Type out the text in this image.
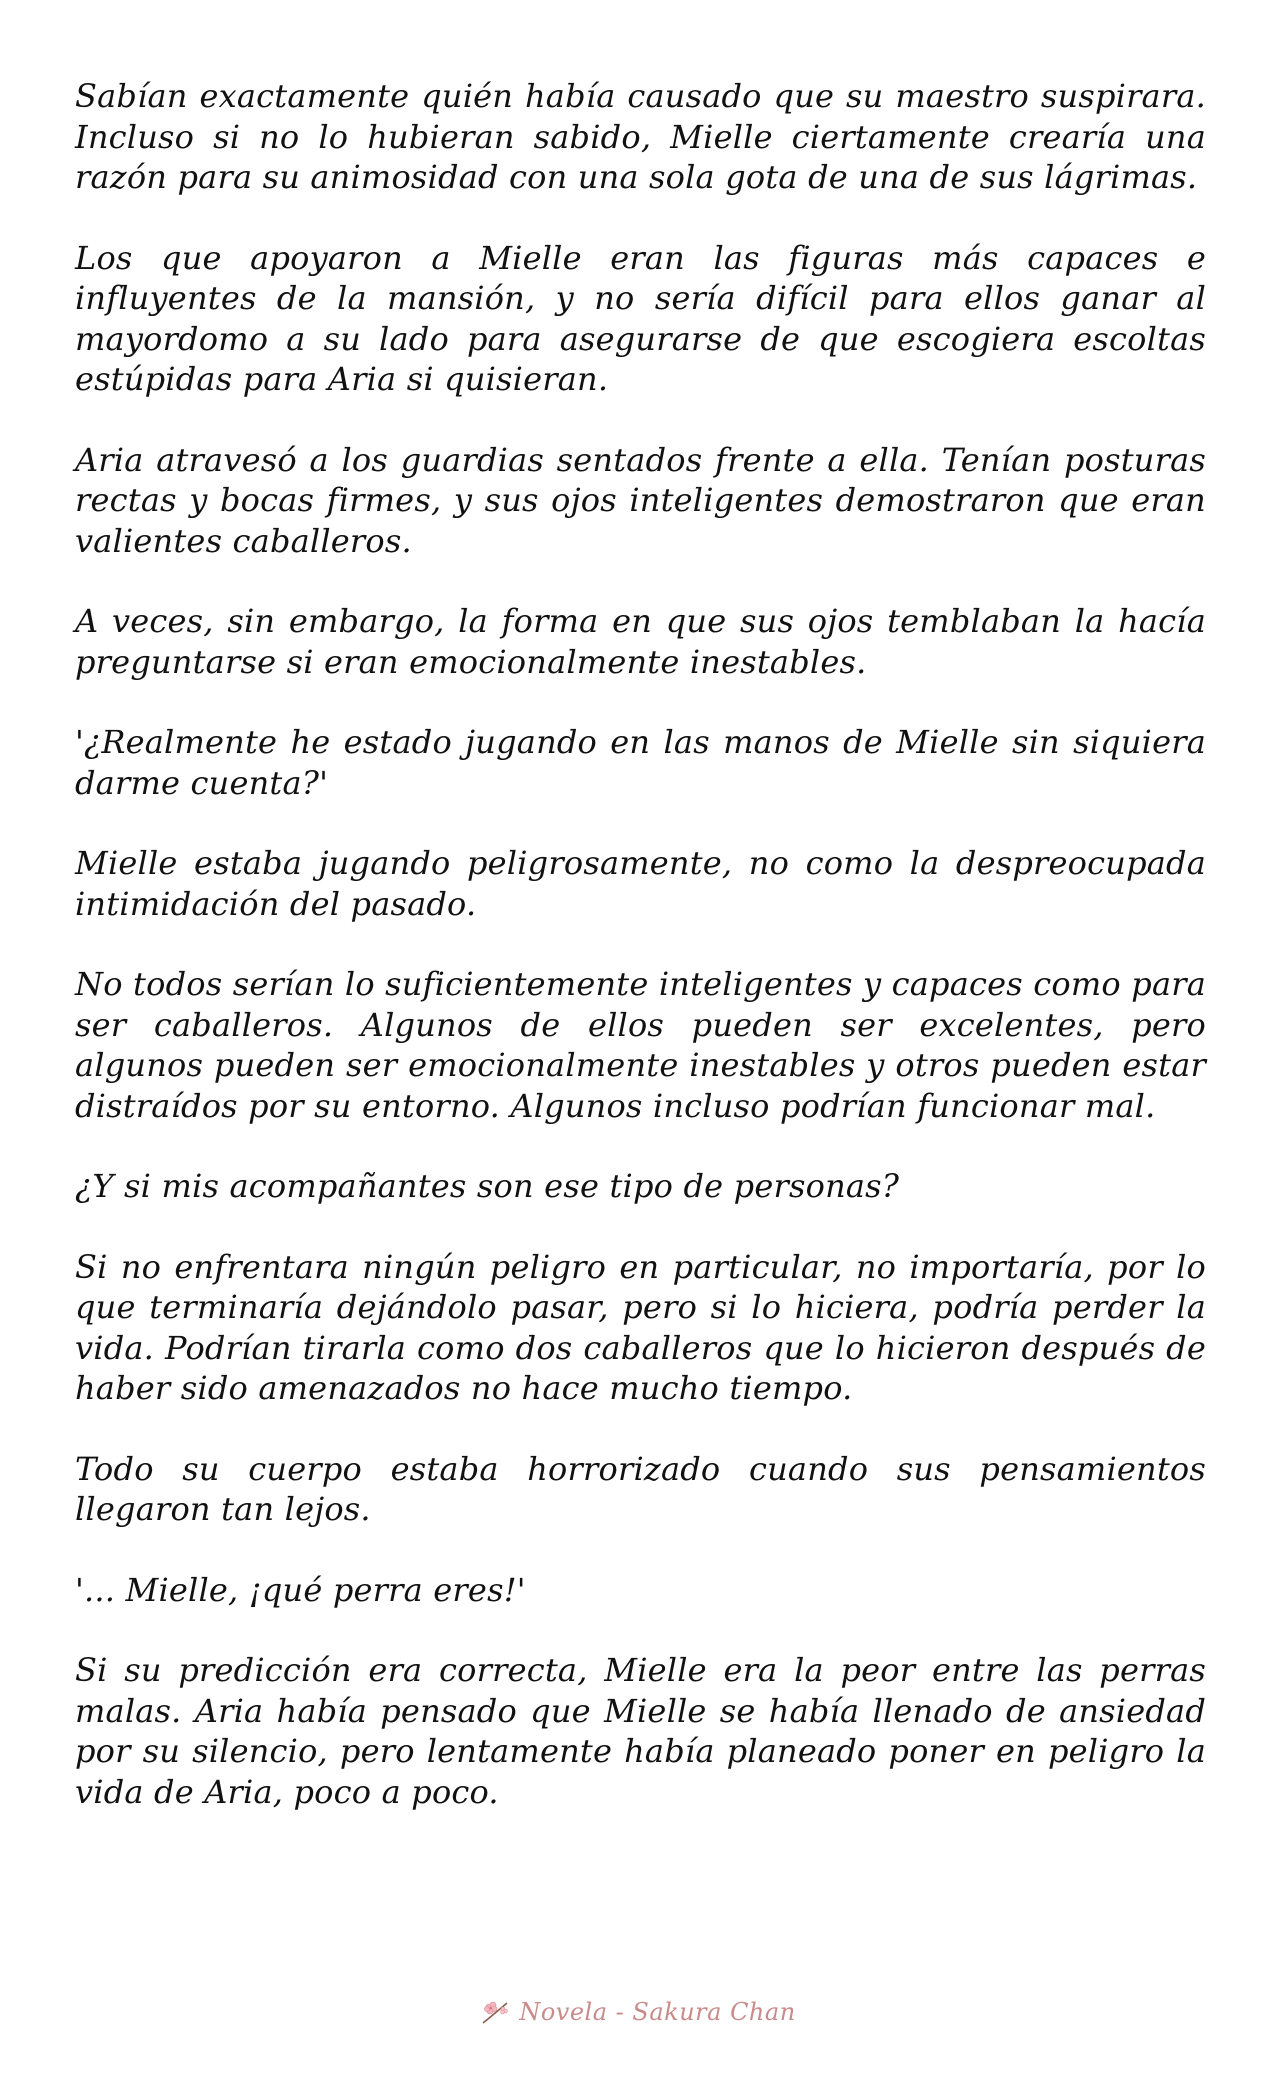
Sabían exactamente quién había causado que su maestro suspirara. Incluso si no lo hubieran sabido, Mielle ciertamente crearía una razón para su animosidad con una sola gota de una de sus lágrimas.

Los que apoyaron a Mielle eran las figuras más capaces e influyentes de la mansión, y no sería difícil para ellos ganar al mayordomo a su lado para asegurarse de que escogiera escoltas estúpidas para Aria si quisieran.

Aria atravesó a los guardias sentados frente a ella. Tenían posturas rectas y bocas firmes, y sus ojos inteligentes demostraron que eran valientes caballeros.

A veces, sin embargo, la forma en que sus ojos temblaban la hacía preguntarse si eran emocionalmente inestables.

'¿Realmente he estado jugando en las manos de Mielle sin siquiera darme cuenta?'

Mielle estaba jugando peligrosamente, no como la despreocupada intimidación del pasado.

No todos serían lo suficientemente inteligentes y capaces como para ser caballeros. Algunos de ellos pueden ser excelentes, pero algunos pueden ser emocionalmente inestables y otros pueden estar distraídos por su entorno. Algunos incluso podrían funcionar mal.

¿Y si mis acompañantes son ese tipo de personas?

Si no enfrentara ningún peligro en particular, no importaría, por lo que terminaría dejándolo pasar, pero si lo hiciera, podría perder la vida. Podrían tirarla como dos caballeros que lo hicieron después de haber sido amenazados no hace mucho tiempo.

Todo su cuerpo estaba horrorizado cuando sus pensamientos llegaron tan lejos.

'... Mielle, ¡qué perra eres!'

Si su predicción era correcta, Mielle era la peor entre las perras malas. Aria había pensado que Mielle se había llenado de ansiedad por su silencio, pero lentamente había planeado poner en peligro la vida de Aria, poco a poco.

Novela - Sakura Chan
